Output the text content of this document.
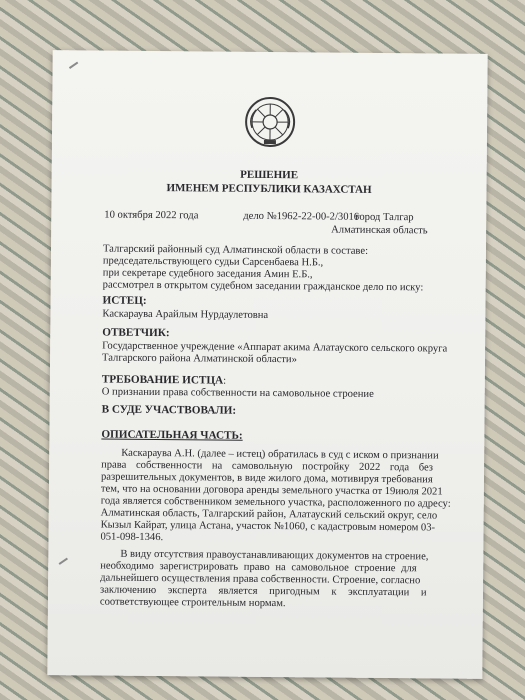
РЕШЕНИЕ
ИМЕНЕМ РЕСПУБЛИКИ КАЗАХСТАН
10 октября 2022 года	дело №1962-22-00-2/3016
город Талгар
Алматинская область
Талгарский районный суд Алматинской области в составе:
председательствующего судьи Сарсенбаева Н.Б.,
при секретаре судебного заседания Амин Е.Б.,
рассмотрел в открытом судебном заседании гражданское дело по иску:
ИСТЕЦ:
Каскараува Арайлым Нурдаулетовна
ОТВЕТЧИК:
Государственное учреждение «Аппарат акима Алатауского сельского округа
Талгарского района Алматинской области»
ТРЕБОВАНИЕ ИСТЦА:
О признании права собственности на самовольное строение
В СУДЕ УЧАСТВОВАЛИ:
ОПИСАТЕЛЬНАЯ ЧАСТЬ:
Каскараува А.Н. (далее – истец) обратилась в суд с иском о признании
права собственности на самовольную постройку 2022 года без
разрешительных документов, в виде жилого дома, мотивируя требования
тем, что на основании договора аренды земельного участка от 19июля 2021
года является собственником земельного участка, расположенного по адресу:
Алматинская область, Талгарский район, Алатауский сельский округ, село
Кызыл Кайрат, улица Астана, участок №1060, с кадастровым номером 03-
051-098-1346.
В виду отсутствия правоустанавливающих документов на строение,
необходимо зарегистрировать право на самовольное строение для
дальнейшего осуществления права собственности. Строение, согласно
заключению эксперта является пригодным к эксплуатации и
соответствующее строительным нормам.
